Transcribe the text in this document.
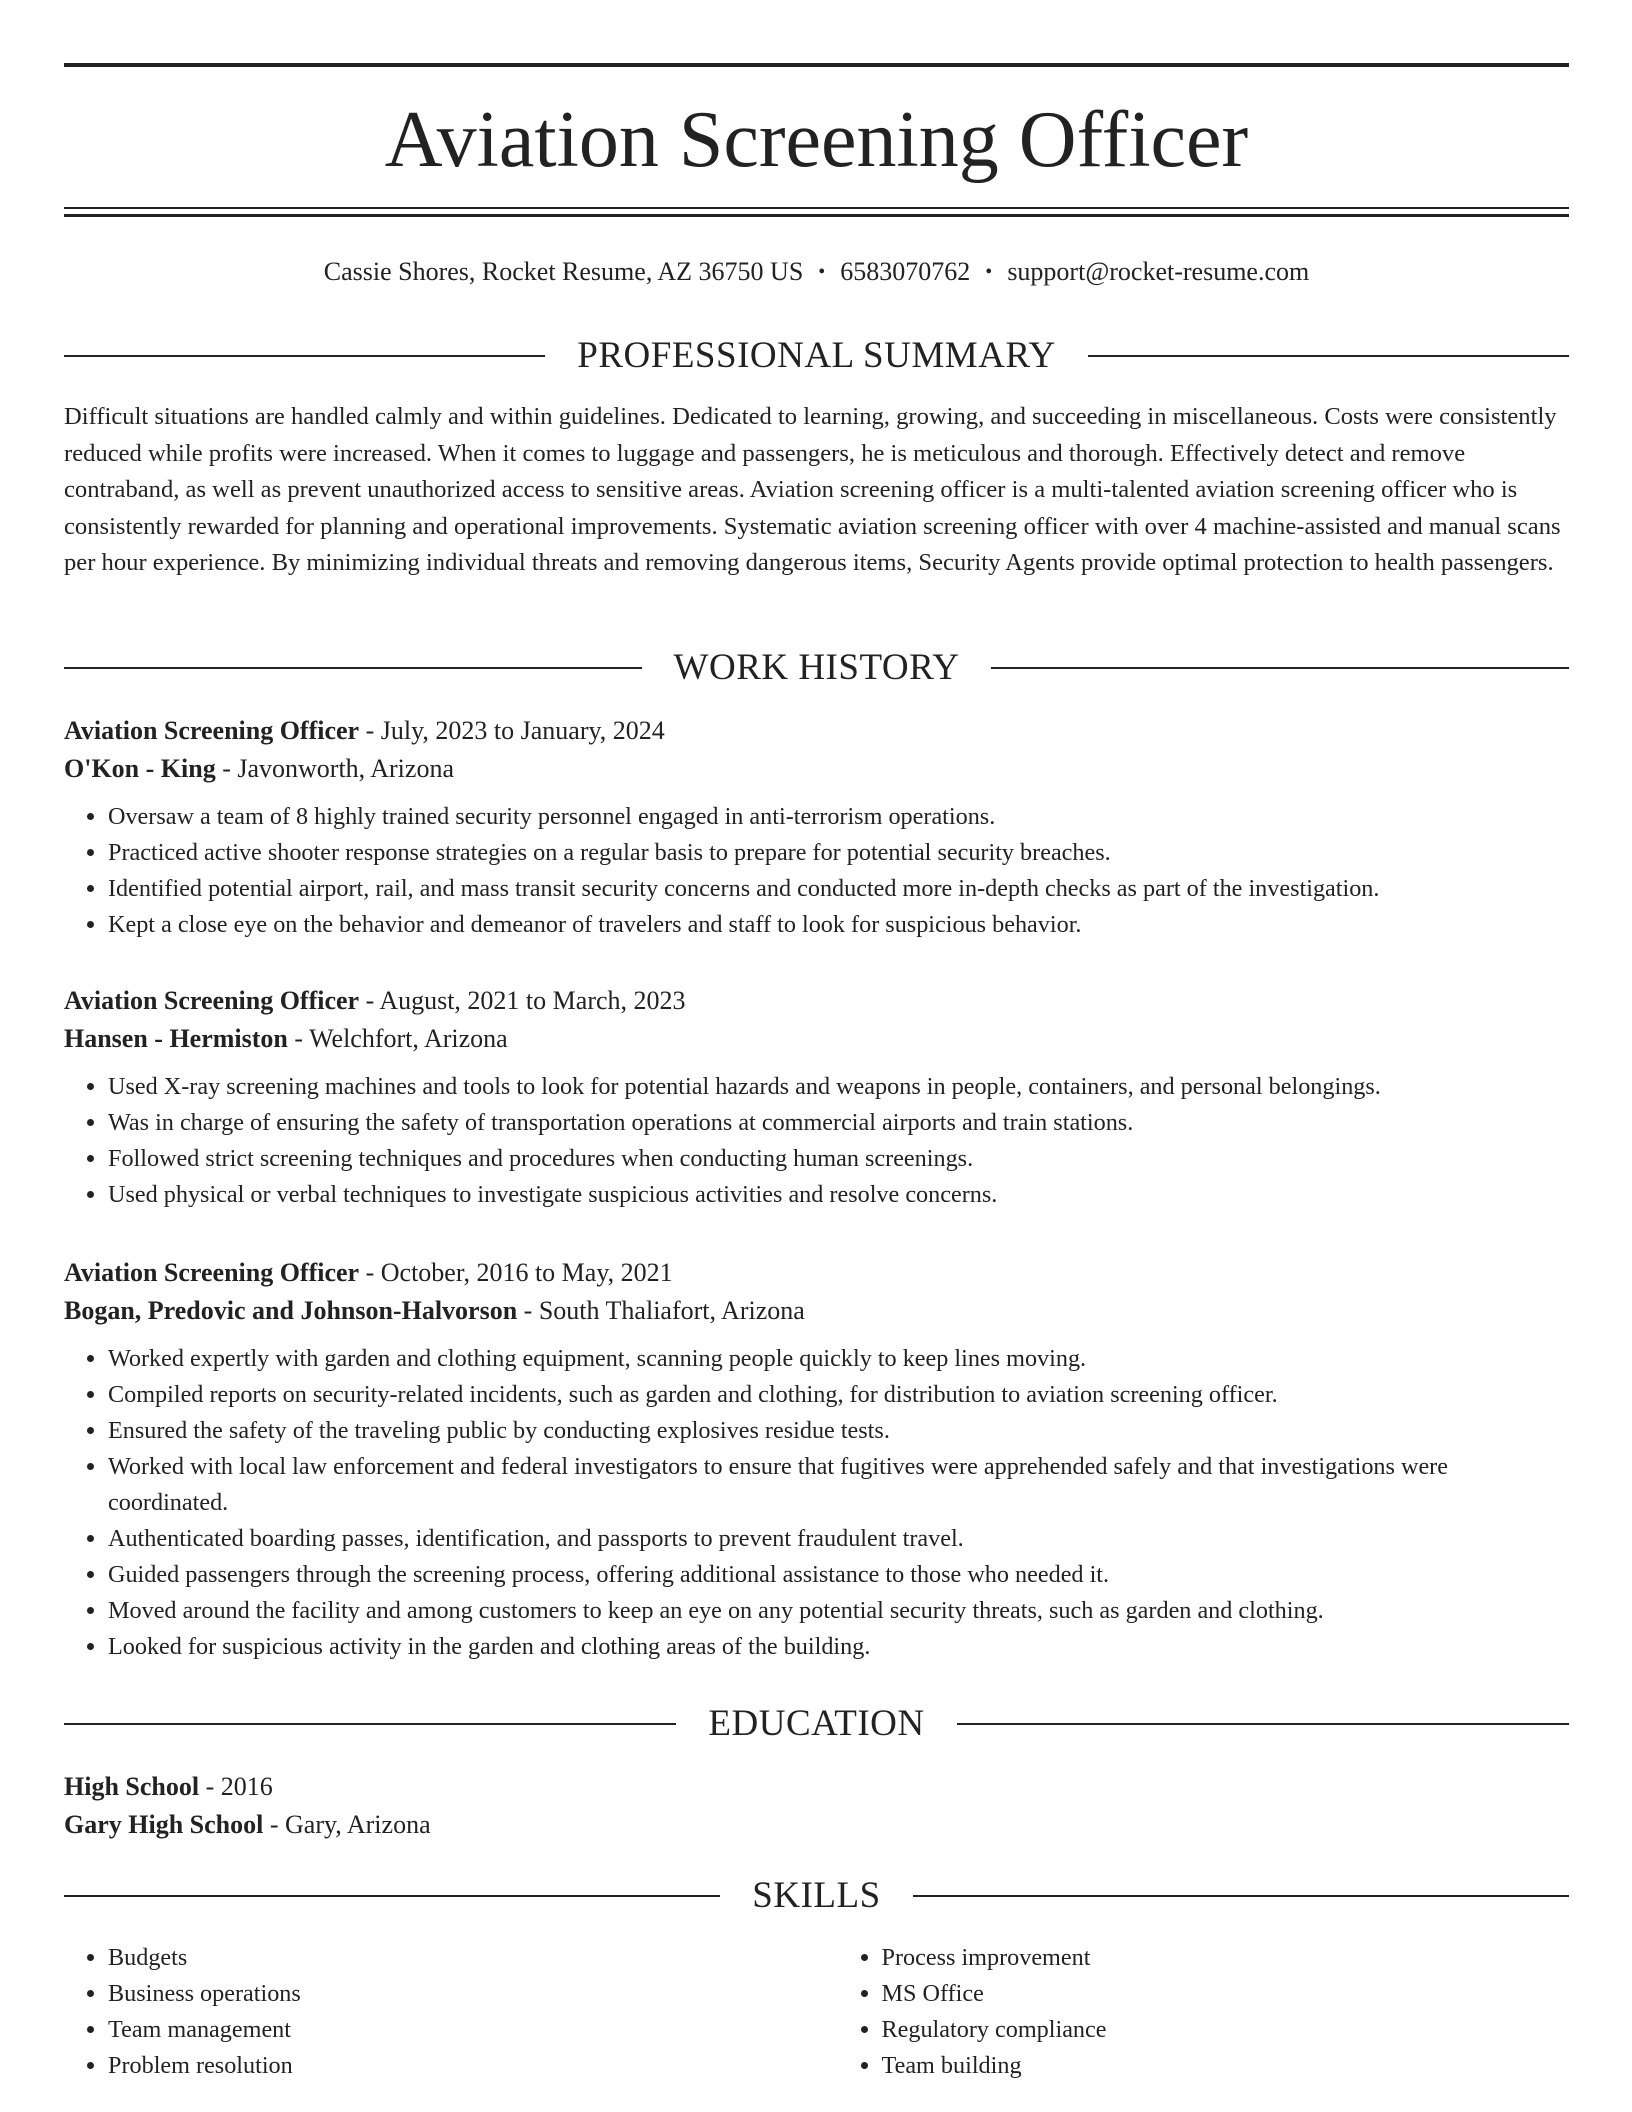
Aviation Screening Officer
Cassie Shores, Rocket Resume, AZ 36750 US • 6583070762 • support@rocket-resume.com
PROFESSIONAL SUMMARY

Difficult situations are handled calmly and within guidelines. Dedicated to learning, growing, and succeeding in miscellaneous. Costs were consistently reduced while profits were increased. When it comes to luggage and passengers, he is meticulous and thorough. Effectively detect and remove contraband, as well as prevent unauthorized access to sensitive areas. Aviation screening officer is a multi-talented aviation screening officer who is consistently rewarded for planning and operational improvements. Systematic aviation screening officer with over 4 machine-assisted and manual scans per hour experience. By minimizing individual threats and removing dangerous items, Security Agents provide optimal protection to health passengers.

WORK HISTORY
Aviation Screening Officer - July, 2023 to January, 2024
O'Kon - King - Javonworth, Arizona
• Oversaw a team of 8 highly trained security personnel engaged in anti-terrorism operations.
• Practiced active shooter response strategies on a regular basis to prepare for potential security breaches.
• Identified potential airport, rail, and mass transit security concerns and conducted more in-depth checks as part of the investigation.
• Kept a close eye on the behavior and demeanor of travelers and staff to look for suspicious behavior.
Aviation Screening Officer - August, 2021 to March, 2023
Hansen - Hermiston - Welchfort, Arizona
• Used X-ray screening machines and tools to look for potential hazards and weapons in people, containers, and personal belongings.
• Was in charge of ensuring the safety of transportation operations at commercial airports and train stations.
• Followed strict screening techniques and procedures when conducting human screenings.
• Used physical or verbal techniques to investigate suspicious activities and resolve concerns.
Aviation Screening Officer - October, 2016 to May, 2021
Bogan, Predovic and Johnson-Halvorson - South Thaliafort, Arizona
• Worked expertly with garden and clothing equipment, scanning people quickly to keep lines moving.
• Compiled reports on security-related incidents, such as garden and clothing, for distribution to aviation screening officer.
• Ensured the safety of the traveling public by conducting explosives residue tests.
• Worked with local law enforcement and federal investigators to ensure that fugitives were apprehended safely and that investigations were coordinated.
• Authenticated boarding passes, identification, and passports to prevent fraudulent travel.
• Guided passengers through the screening process, offering additional assistance to those who needed it.
• Moved around the facility and among customers to keep an eye on any potential security threats, such as garden and clothing.
• Looked for suspicious activity in the garden and clothing areas of the building.
EDUCATION
High School - 2016
Gary High School - Gary, Arizona
SKILLS
• Budgets
• Business operations
• Team management
• Problem resolution
• Process improvement
• MS Office
• Regulatory compliance
• Team building
